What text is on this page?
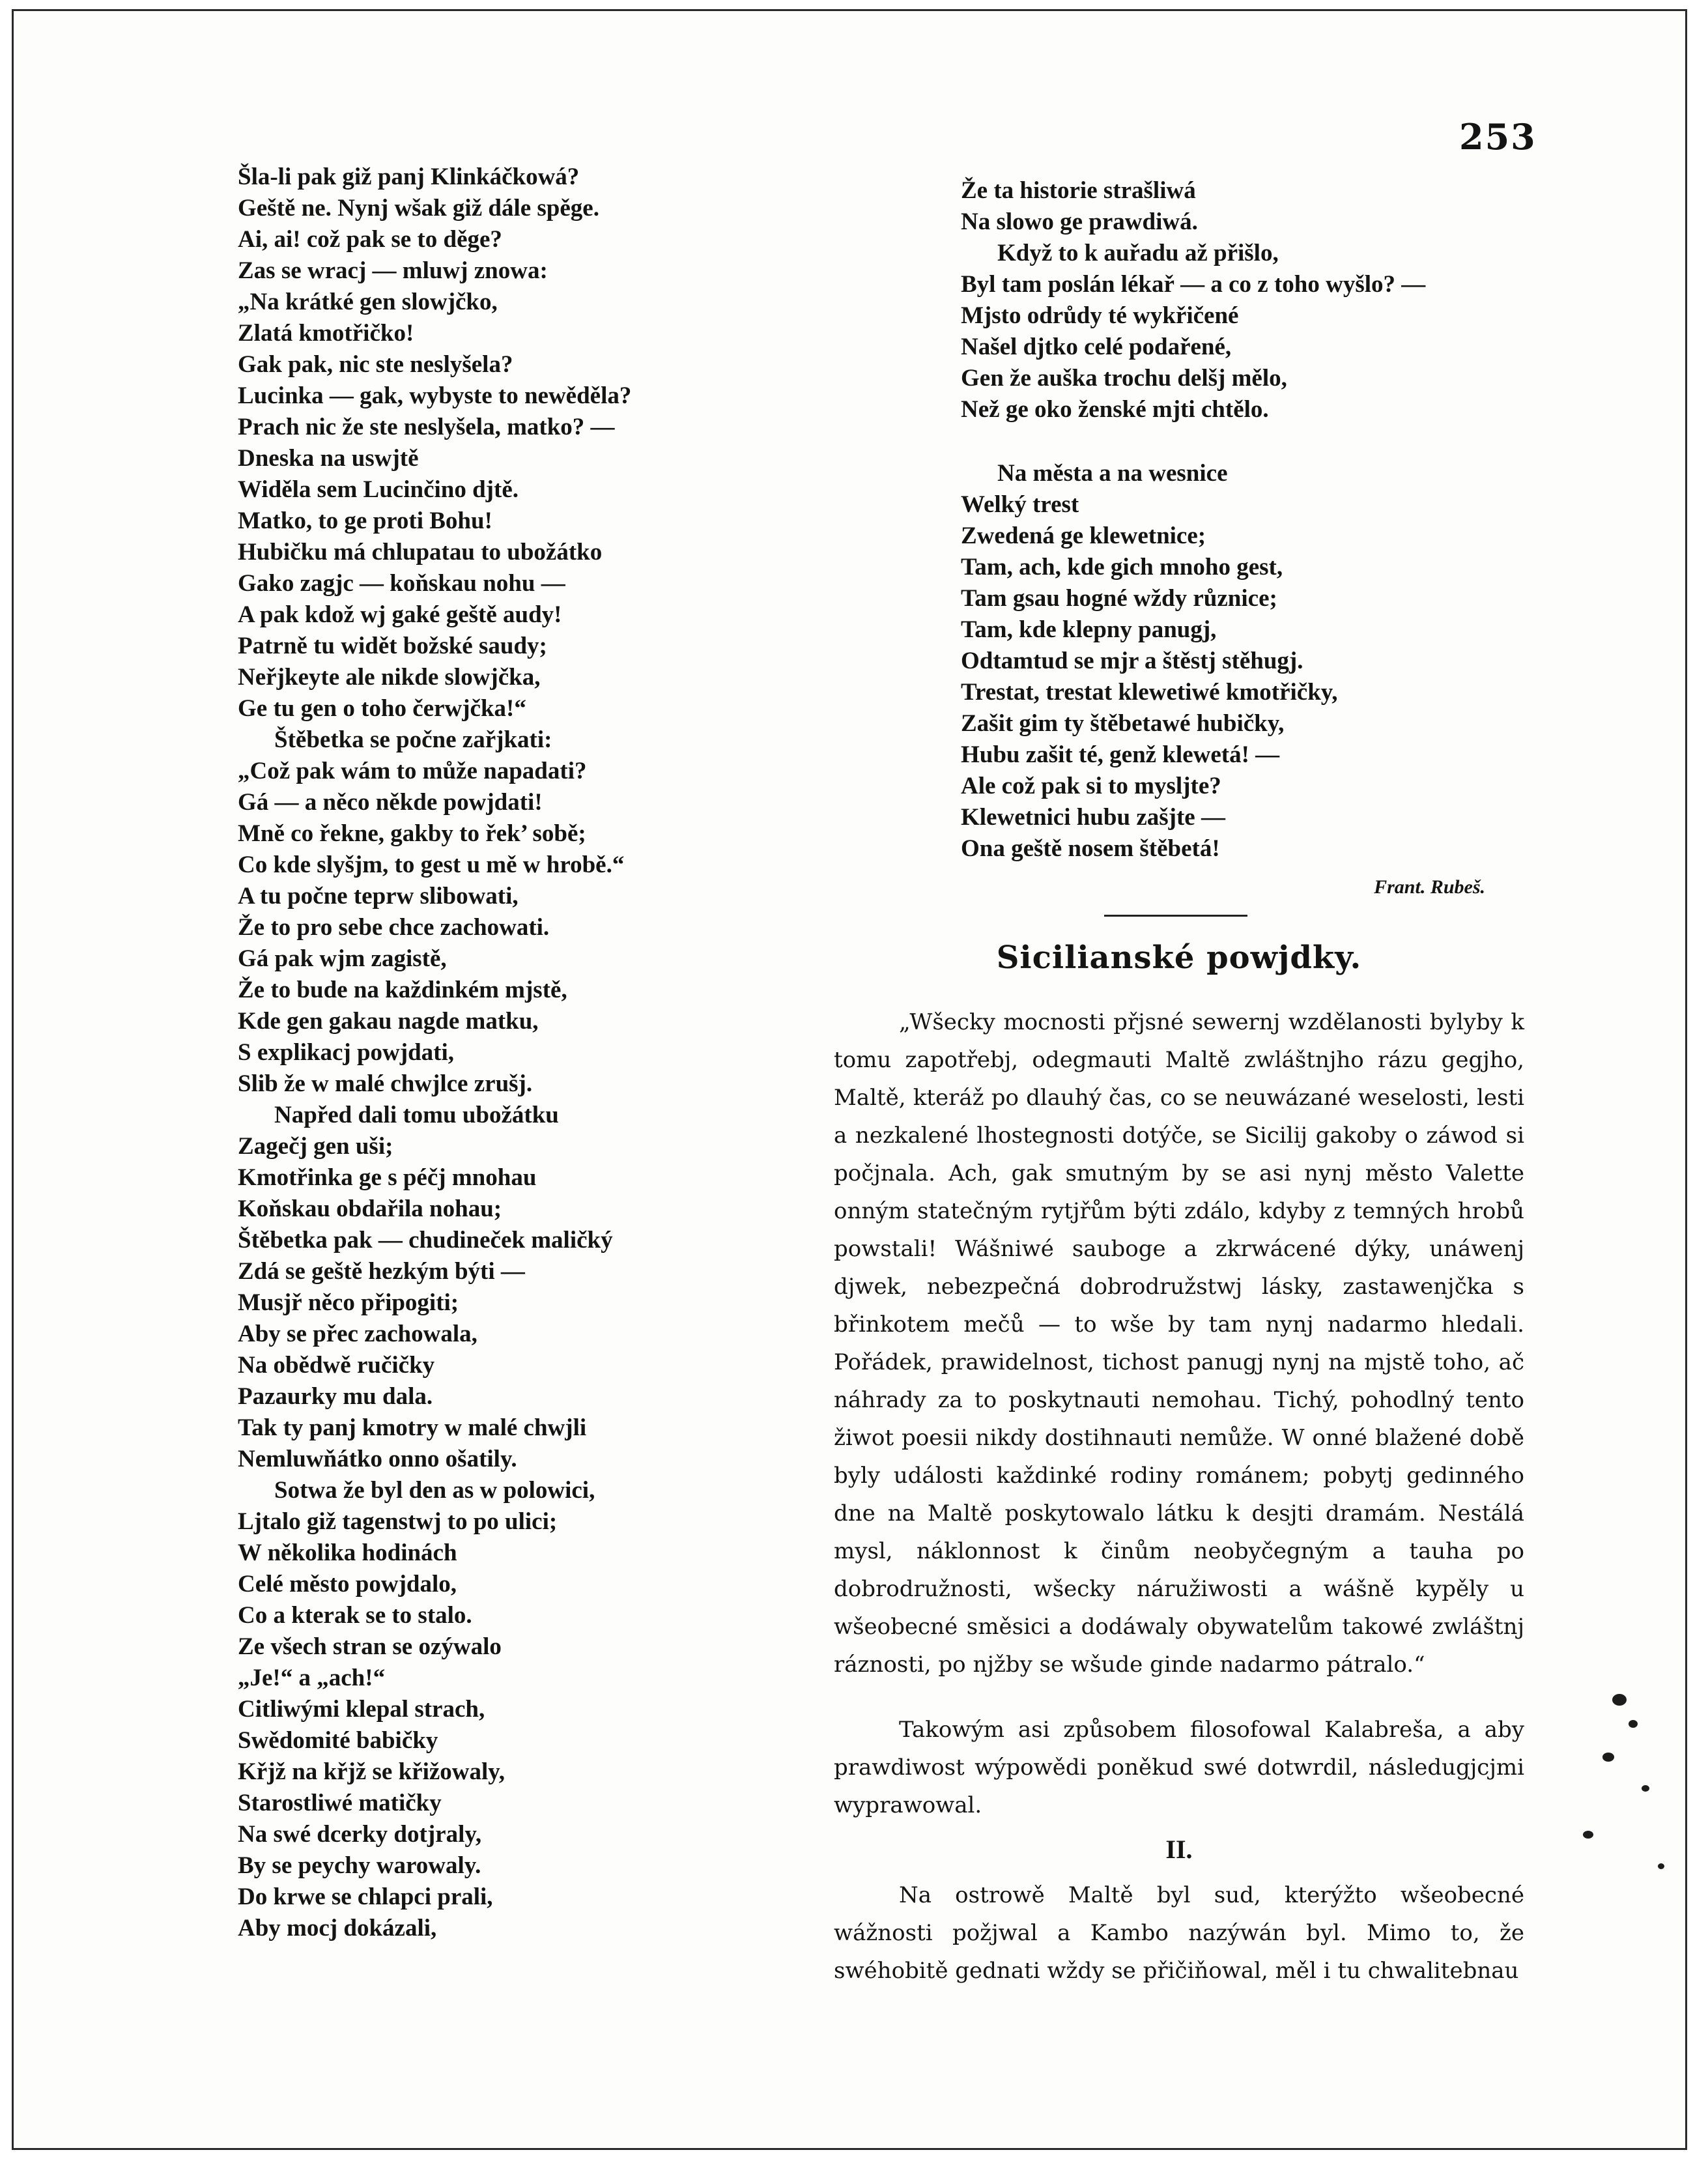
253
Šla-li pak giž panj Klinkáčkowá?
Geště ne. Nynj wšak giž dále spěge.
Ai, ai! což pak se to děge?
Zas se wracj — mluwj znowa:
„Na krátké gen slowjčko,
Zlatá kmotřičko!
Gak pak, nic ste neslyšela?
Lucinka — gak, wybyste to newěděla?
Prach nic že ste neslyšela, matko? —
Dneska na uswjtě
Widěla sem Lucinčino djtě.
Matko, to ge proti Bohu!
Hubičku má chlupatau to ubožátko
Gako zagjc — koňskau nohu —
A pak kdož wj gaké geště audy!
Patrně tu widět božské saudy;
Neřjkeyte ale nikde slowjčka,
Ge tu gen o toho čerwjčka!“
Štěbetka se počne zařjkati:
„Což pak wám to může napadati?
Gá — a něco někde powjdati!
Mně co řekne, gakby to řek’ sobě;
Co kde slyšjm, to gest u mě w hrobě.“
A tu počne teprw slibowati,
Že to pro sebe chce zachowati.
Gá pak wjm zagistě,
Že to bude na každinkém mjstě,
Kde gen gakau nagde matku,
S explikacj powjdati,
Slib že w malé chwjlce zrušj.
Napřed dali tomu ubožátku
Zagečj gen uši;
Kmotřinka ge s péčj mnohau
Koňskau obdařila nohau;
Štěbetka pak — chudineček maličký
Zdá se geště hezkým býti —
Musjř něco připogiti;
Aby se přec zachowala,
Na obědwě ručičky
Pazaurky mu dala.
Tak ty panj kmotry w malé chwjli
Nemluwňátko onno ošatily.
Sotwa že byl den as w polowici,
Ljtalo giž tagenstwj to po ulici;
W několika hodinách
Celé město powjdalo,
Co a kterak se to stalo.
Ze všech stran se ozýwalo
„Je!“ a „ach!“
Citliwými klepal strach,
Swědomité babičky
Křjž na křjž se křižowaly,
Starostliwé matičky
Na swé dcerky dotjraly,
By se peychy warowaly.
Do krwe se chlapci prali,
Aby mocj dokázali,
Že ta historie strašliwá
Na slowo ge prawdiwá.
Když to k auřadu až přišlo,
Byl tam poslán lékař — a co z toho wyšlo? —
Mjsto odrůdy té wykřičené
Našel djtko celé podařené,
Gen že auška trochu delšj mělo,
Než ge oko ženské mjti chtělo.
Na města a na wesnice
Welký trest
Zwedená ge klewetnice;
Tam, ach, kde gich mnoho gest,
Tam gsau hogné wždy různice;
Tam, kde klepny panugj,
Odtamtud se mjr a štěstj stěhugj.
Trestat, trestat klewetiwé kmotřičky,
Zašit gim ty štěbetawé hubičky,
Hubu zašit té, genž klewetá! —
Ale což pak si to mysljte?
Klewetnici hubu zašjte —
Ona geště nosem štěbetá!
Frant. Rubeš.
Sicilianské powjdky.

„Wšecky mocnosti přjsné sewernj wzdělanosti bylyby k tomu zapotřebj, odegmauti Maltě zwláštnjho rázu gegjho, Maltě, kteráž po dlauhý čas, co se neuwázané weselosti, lesti a nezkalené lhostegnosti dotýče, se Sicilij gakoby o záwod si počjnala. Ach, gak smutným by se asi nynj město Valette onným statečným rytjřům býti zdálo, kdyby z temných hrobů powstali! Wášniwé sauboge a zkrwácené dýky, unáwenj djwek, nebezpečná dobrodružstwj lásky, zastawenjčka s břinkotem mečů — to wše by tam nynj nadarmo hledali. Pořádek, prawidelnost, tichost panugj nynj na mjstě toho, ač náhrady za to poskytnauti nemohau. Tichý, pohodlný tento žiwot poesii nikdy dostihnauti nemůže. W onné blažené době byly události každinké rodiny románem; pobytj gedinného dne na Maltě poskytowalo látku k desjti dramám. Nestálá mysl, náklonnost k činům neobyčegným a tauha po dobrodružnosti, wšecky náružiwosti a wášně kypěly u wšeobecné směsici a dodáwaly obywatelům takowé zwláštnj ráznosti, po njžby se wšude ginde nadarmo pátralo.“

Takowým asi způsobem filosofowal Kalabreša, a aby prawdiwost wýpowědi poněkud swé dotwrdil, následugjcjmi wyprawowal.

II.

Na ostrowě Maltě byl sud, kterýžto wšeobecné wážnosti požjwal a Kambo nazýwán byl. Mimo to, že swéhobitě gednati wždy se přičiňowal, měl i tu chwalitebnau
